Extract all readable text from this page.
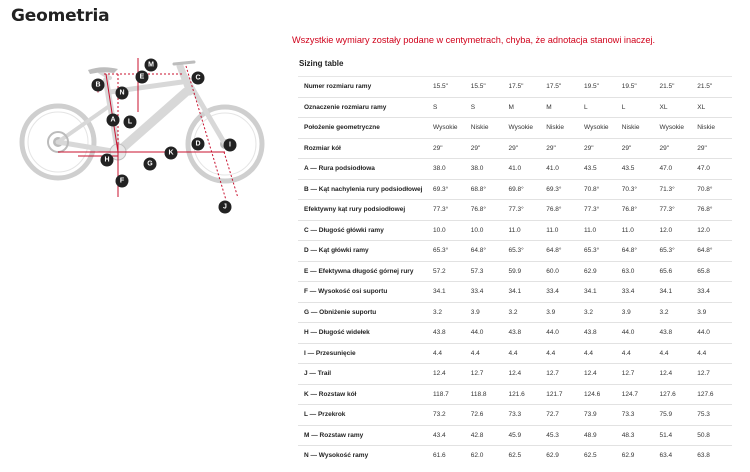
Geometria
Wszystkie wymiary zostały podane w centymetrach, chyba, że adnotacja stanowi inaczej.
M
E	C
B
N
A L
D	I
K
H
G
F
J
Sizing table
Numer rozmiaru ramy	15.5"	15.5"	17.5"	17.5"	19.5"	19.5"	21.5"	21.5"
Oznaczenie rozmiaru ramy	S	S	M	M	L	L	XL	XL
Położenie geometryczne	Wysokie	Niskie	Wysokie	Niskie	Wysokie	Niskie	Wysokie	Niskie
Rozmiar kół	29"	29"	29"	29"	29"	29"	29"	29"
A — Rura podsiodłowa	38.0	38.0	41.0	41.0	43.5	43.5	47.0	47.0
B — Kąt nachylenia rury podsiodłowej	69.3°	68.8°	69.8°	69.3°	70.8°	70.3°	71.3°	70.8°
Efektywny kąt rury podsiodłowej	77.3°	76.8°	77.3°	76.8°	77.3°	76.8°	77.3°	76.8°
C — Długość główki ramy	10.0	10.0	11.0	11.0	11.0	11.0	12.0	12.0
D — Kąt główki ramy	65.3°	64.8°	65.3°	64.8°	65.3°	64.8°	65.3°	64.8°
E — Efektywna długość górnej rury	57.2	57.3	59.9	60.0	62.9	63.0	65.6	65.8
F — Wysokość osi suportu	34.1	33.4	34.1	33.4	34.1	33.4	34.1	33.4
G — Obniżenie suportu	3.2	3.9	3.2	3.9	3.2	3.9	3.2	3.9
H — Długość widełek	43.8	44.0	43.8	44.0	43.8	44.0	43.8	44.0
I — Przesunięcie	4.4	4.4	4.4	4.4	4.4	4.4	4.4	4.4
J — Trail	12.4	12.7	12.4	12.7	12.4	12.7	12.4	12.7
K — Rozstaw kół	118.7	118.8	121.6	121.7	124.6	124.7	127.6	127.6
L — Przekrok	73.2	72.6	73.3	72.7	73.9	73.3	75.9	75.3
M — Rozstaw ramy	43.4	42.8	45.9	45.3	48.9	48.3	51.4	50.8
N — Wysokość ramy	61.6	62.0	62.5	62.9	62.5	62.9	63.4	63.8
